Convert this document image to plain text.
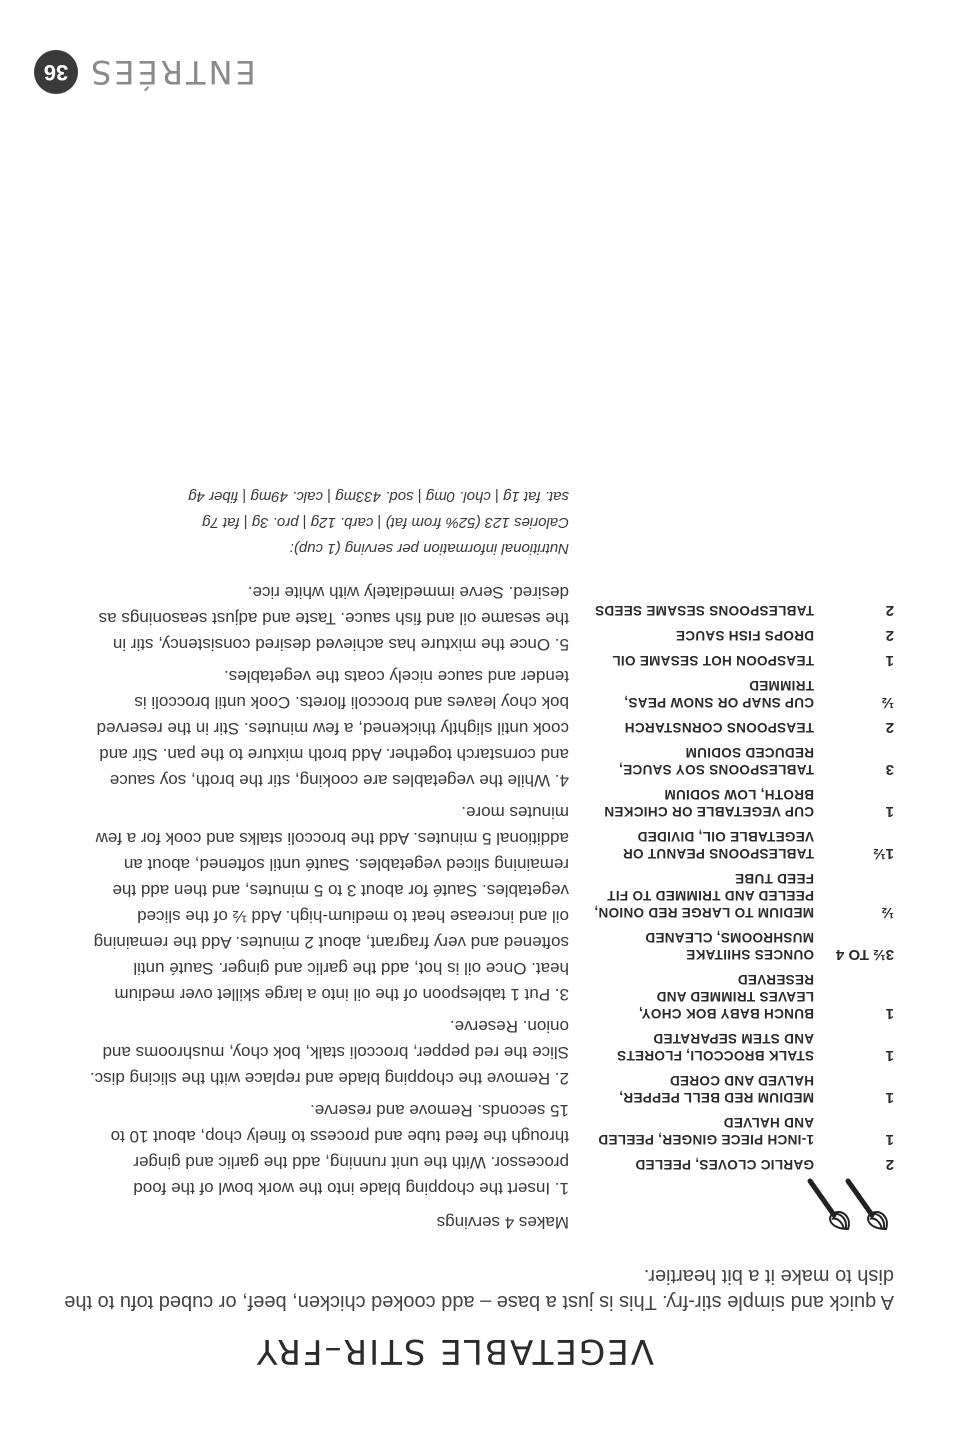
VEGETABLE STIR–FRY
A quick and simple stir-fry. This is just a base – add cooked chicken, beef, or cubed tofu to the dish to make it a bit heartier.
2
GARLIC CLOVES, PEELED
1
1-INCH PIECE GINGER, PEELED AND HALVED
1
MEDIUM RED BELL PEPPER, HALVED AND CORED
1
STALK BROCCOLI, FLORETS AND STEM SEPARATED
1
BUNCH BABY BOK CHOY, LEAVES TRIMMED AND RESERVED
3½ TO 4
OUNCES SHIITAKE MUSHROOMS, CLEANED
½
MEDIUM TO LARGE RED ONION, PEELED AND TRIMMED TO FIT FEED TUBE
1½
TABLESPOONS PEANUT OR VEGETABLE OIL, DIVIDED
1
CUP VEGETABLE OR CHICKEN BROTH, LOW SODIUM
3
TABLESPOONS SOY SAUCE, REDUCED SODIUM
2
TEASPOONS CORNSTARCH
½
CUP SNAP OR SNOW PEAS, TRIMMED
1
TEASPOON HOT SESAME OIL
2
DROPS FISH SAUCE
2
TABLESPOONS SESAME SEEDS

Makes 4 servings

1. Insert the chopping blade into the work bowl of the food processor. With the unit running, add the garlic and ginger through the feed tube and process to finely chop, about 10 to 15 seconds. Remove and reserve.

2. Remove the chopping blade and replace with the slicing disc. Slice the red pepper, broccoli stalk, bok choy, mushrooms and onion. Reserve.

3. Put 1 tablespoon of the oil into a large skillet over medium heat. Once oil is hot, add the garlic and ginger. Sauté until softened and very fragrant, about 2 minutes. Add the remaining oil and increase heat to medium-high. Add ½ of the sliced vegetables. Sauté for about 3 to 5 minutes, and then add the remaining sliced vegetables. Sauté until softened, about an additional 5 minutes. Add the broccoli stalks and cook for a few minutes more.

4. While the vegetables are cooking, stir the broth, soy sauce and cornstarch together. Add broth mixture to the pan. Stir and cook until slightly thickened, a few minutes. Stir in the reserved bok choy leaves and broccoli florets. Cook until broccoli is tender and sauce nicely coats the vegetables.

5. Once the mixture has achieved desired consistency, stir in the sesame oil and fish sauce. Taste and adjust seasonings as desired. Serve immediately with white rice.

Nutritional information per serving (1 cup):
Calories 123 (52% from fat) | carb. 12g | pro. 3g | fat 7g
sat. fat 1g | chol. 0mg | sod. 433mg | calc. 49mg | fiber 4g
ENTRÉES
36
